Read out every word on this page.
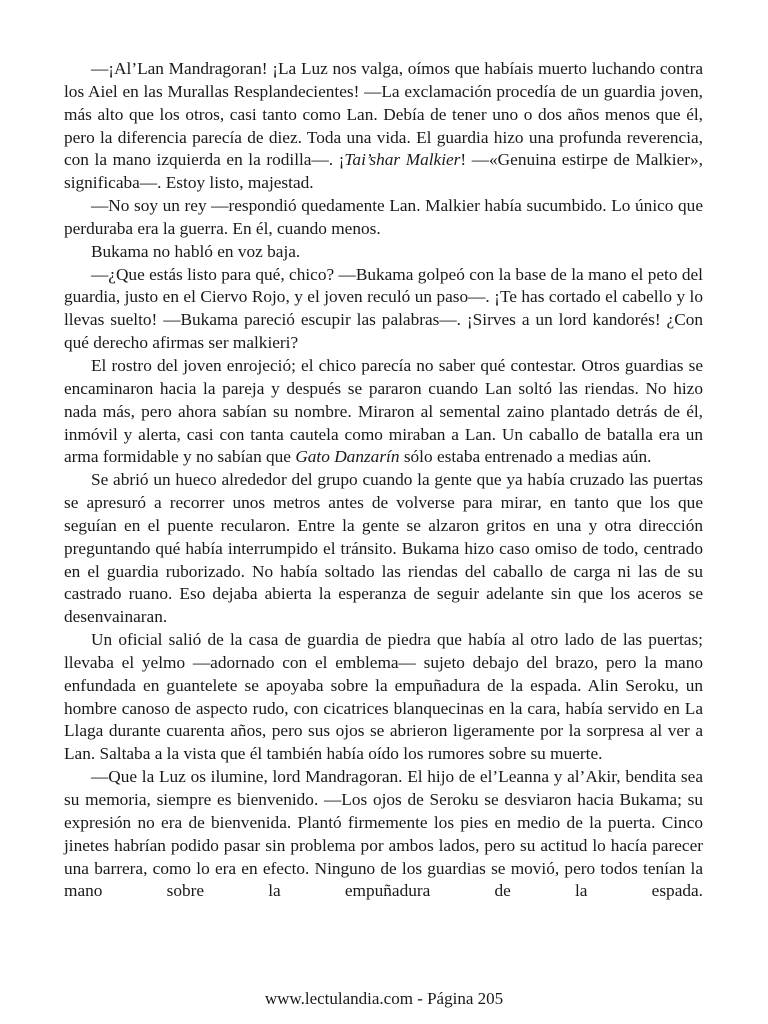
—¡Al’Lan Mandragoran! ¡La Luz nos valga, oímos que habíais muerto luchando contra los Aiel en las Murallas Resplandecientes! —La exclamación procedía de un guardia joven, más alto que los otros, casi tanto como Lan. Debía de tener uno o dos años menos que él, pero la diferencia parecía de diez. Toda una vida. El guardia hizo una profunda reverencia, con la mano izquierda en la rodilla—. ¡Tai’shar Malkier! —«Genuina estirpe de Malkier», significaba—. Estoy listo, majestad.

—No soy un rey —respondió quedamente Lan. Malkier había sucumbido. Lo único que perduraba era la guerra. En él, cuando menos.

Bukama no habló en voz baja.

—¿Que estás listo para qué, chico? —Bukama golpeó con la base de la mano el peto del guardia, justo en el Ciervo Rojo, y el joven reculó un paso—. ¡Te has cortado el cabello y lo llevas suelto! —Bukama pareció escupir las palabras—. ¡Sirves a un lord kandorés! ¿Con qué derecho afirmas ser malkieri?

El rostro del joven enrojeció; el chico parecía no saber qué contestar. Otros guardias se encaminaron hacia la pareja y después se pararon cuando Lan soltó las riendas. No hizo nada más, pero ahora sabían su nombre. Miraron al semental zaino plantado detrás de él, inmóvil y alerta, casi con tanta cautela como miraban a Lan. Un caballo de batalla era un arma formidable y no sabían que Gato Danzarín sólo estaba entrenado a medias aún.

Se abrió un hueco alrededor del grupo cuando la gente que ya había cruzado las puertas se apresuró a recorrer unos metros antes de volverse para mirar, en tanto que los que seguían en el puente recularon. Entre la gente se alzaron gritos en una y otra dirección preguntando qué había interrumpido el tránsito. Bukama hizo caso omiso de todo, centrado en el guardia ruborizado. No había soltado las riendas del caballo de carga ni las de su castrado ruano. Eso dejaba abierta la esperanza de seguir adelante sin que los aceros se desenvainaran.

Un oficial salió de la casa de guardia de piedra que había al otro lado de las puertas; llevaba el yelmo —adornado con el emblema— sujeto debajo del brazo, pero la mano enfundada en guantelete se apoyaba sobre la empuñadura de la espada. Alin Seroku, un hombre canoso de aspecto rudo, con cicatrices blanquecinas en la cara, había servido en La Llaga durante cuarenta años, pero sus ojos se abrieron ligeramente por la sorpresa al ver a Lan. Saltaba a la vista que él también había oído los rumores sobre su muerte.

—Que la Luz os ilumine, lord Mandragoran. El hijo de el’Leanna y al’Akir, bendita sea su memoria, siempre es bienvenido. —Los ojos de Seroku se desviaron hacia Bukama; su expresión no era de bienvenida. Plantó firmemente los pies en medio de la puerta. Cinco jinetes habrían podido pasar sin problema por ambos lados, pero su actitud lo hacía parecer una barrera, como lo era en efecto. Ninguno de los guardias se movió, pero todos tenían la mano sobre la empuñadura de la espada.

www.lectulandia.com - Página 205
